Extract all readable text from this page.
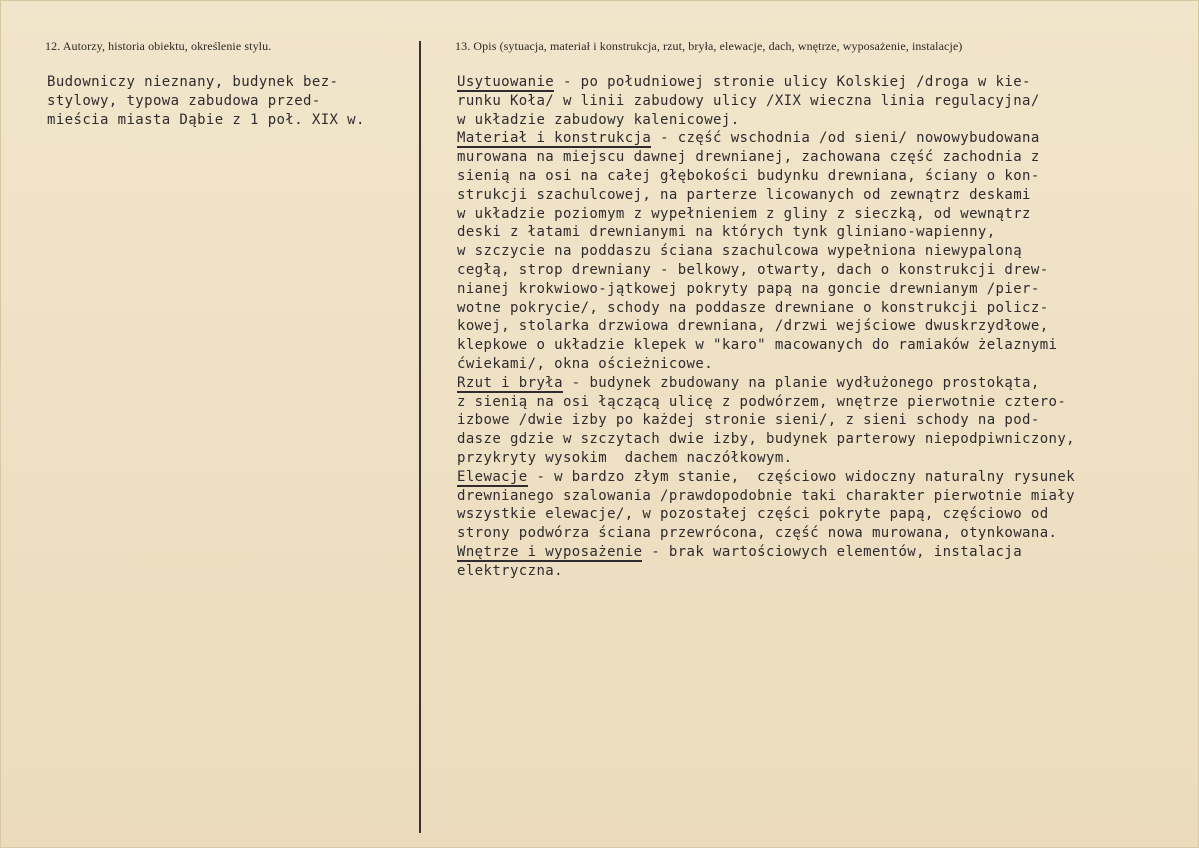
12. Autorzy, historia obiektu, określenie stylu.	13. Opis (sytuacja, materiał i konstrukcja, rzut, bryła, elewacje, dach, wnętrze, wyposażenie, instalacje)
Budowniczy nieznany, budynek bez-
stylowy, typowa zabudowa przed-
mieścia miasta Dąbie z 1 poł. XIX w.
Usytuowanie - po południowej stronie ulicy Kolskiej /droga w kie-
runku Koła/ w linii zabudowy ulicy /XIX wieczna linia regulacyjna/
w układzie zabudowy kalenicowej.
Materiał i konstrukcja - część wschodnia /od sieni/ nowowybudowana
murowana na miejscu dawnej drewnianej, zachowana część zachodnia z
sienią na osi na całej głębokości budynku drewniana, ściany o kon-
strukcji szachulcowej, na parterze licowanych od zewnątrz deskami
w układzie poziomym z wypełnieniem z gliny z sieczką, od wewnątrz
deski z łatami drewnianymi na których tynk gliniano-wapienny,
w szczycie na poddaszu ściana szachulcowa wypełniona niewypaloną
cegłą, strop drewniany - belkowy, otwarty, dach o konstrukcji drew-
nianej krokwiowo-jątkowej pokryty papą na goncie drewnianym /pier-
wotne pokrycie/, schody na poddasze drewniane o konstrukcji policz-
kowej, stolarka drzwiowa drewniana, /drzwi wejściowe dwuskrzydłowe,
klepkowe o układzie klepek w "karo" macowanych do ramiaków żelaznymi
ćwiekami/, okna ościeżnicowe.
Rzut i bryła - budynek zbudowany na planie wydłużonego prostokąta,
z sienią na osi łączącą ulicę z podwórzem, wnętrze pierwotnie cztero-
izbowe /dwie izby po każdej stronie sieni/, z sieni schody na pod-
dasze gdzie w szczytach dwie izby, budynek parterowy niepodpiwniczony,
przykryty wysokim  dachem naczółkowym.
Elewacje - w bardzo złym stanie,  częściowo widoczny naturalny rysunek
drewnianego szalowania /prawdopodobnie taki charakter pierwotnie miały
wszystkie elewacje/, w pozostałej części pokryte papą, częściowo od
strony podwórza ściana przewrócona, część nowa murowana, otynkowana.
Wnętrze i wyposażenie - brak wartościowych elementów, instalacja
elektryczna.
